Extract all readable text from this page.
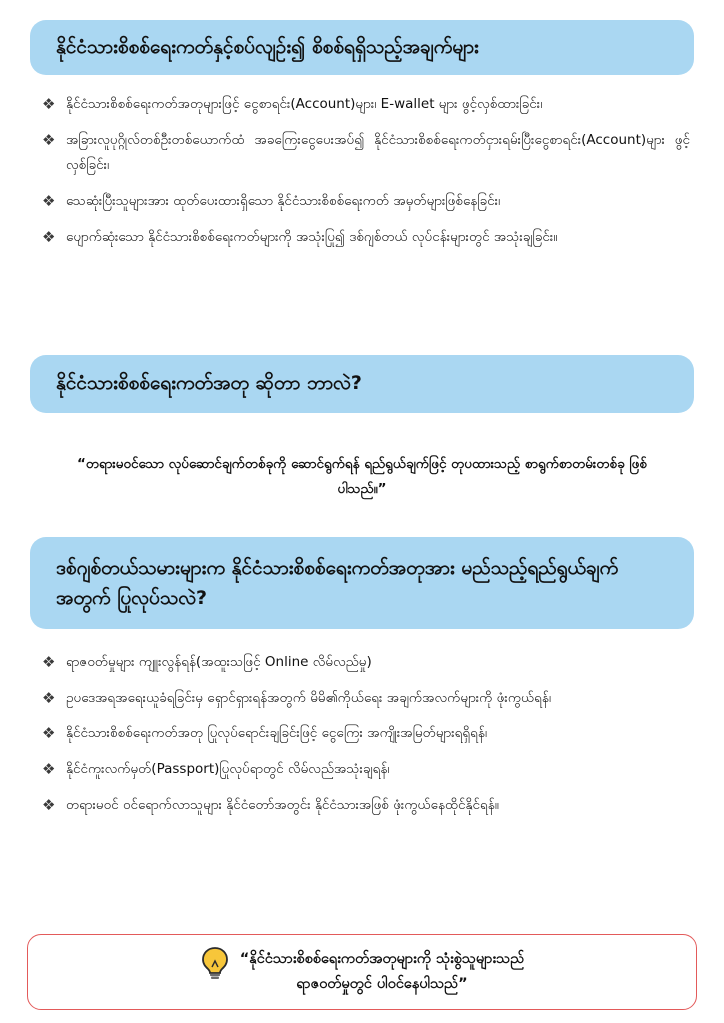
နိုင်ငံသားစိစစ်ရေးကတ်နှင့်စပ်လျဉ်း၍ စိစစ်ရရှိသည့်အချက်များ
❖ နိုင်ငံသားစိစစ်ရေးကတ်အတုများဖြင့် ငွေစာရင်း(Account)များ၊ E-wallet များ ဖွင့်လှစ်ထားခြင်း၊
❖ အခြားလူပုဂ္ဂိုလ်တစ်ဦးတစ်ယောက်ထံ အခကြေးငွေပေးအပ်၍ နိုင်ငံသားစိစစ်ရေးကတ်ငှားရမ်းပြီးငွေစာရင်း(Account)များ ဖွင့်လှစ်ခြင်း၊
❖ သေဆုံးပြီးသူများအား ထုတ်ပေးထားရှိသော နိုင်ငံသားစိစစ်ရေးကတ် အမှတ်များဖြစ်နေခြင်း၊
❖ ပျောက်ဆုံးသော နိုင်ငံသားစိစစ်ရေးကတ်များကို အသုံးပြု၍ ဒစ်ဂျစ်တယ် လုပ်ငန်းများတွင် အသုံးချခြင်း။
နိုင်ငံသားစိစစ်ရေးကတ်အတု ဆိုတာ ဘာလဲ?
“တရားမဝင်သော လုပ်ဆောင်ချက်တစ်ခုကို ဆောင်ရွက်ရန် ရည်ရွယ်ချက်ဖြင့် တုပထားသည့် စာရွက်စာတမ်းတစ်ခု ဖြစ်ပါသည်။”
ဒစ်ဂျစ်တယ်သမားများက နိုင်ငံသားစိစစ်ရေးကတ်အတုအား မည်သည့်ရည်ရွယ်ချက်အတွက် ပြုလုပ်သလဲ?
❖ ရာဇဝတ်မှုများ ကျူးလွန်ရန်(အထူးသဖြင့် Online လိမ်လည်မှု)
❖ ဥပဒေအရအရေးယူခံရခြင်းမှ ရှောင်ရှားရန်အတွက် မိမိ၏ကိုယ်ရေး အချက်အလက်များကို ဖုံးကွယ်ရန်၊
❖ နိုင်ငံသားစိစစ်ရေးကတ်အတု ပြုလုပ်ရောင်းချခြင်းဖြင့် ငွေကြေး အကျိုးအမြတ်များရရှိရန်၊
❖ နိုင်ငံကူးလက်မှတ်(Passport)ပြုလုပ်ရာတွင် လိမ်လည်အသုံးချရန်၊
❖ တရားမဝင် ဝင်ရောက်လာသူများ နိုင်ငံတော်အတွင်း နိုင်ငံသားအဖြစ် ဖုံးကွယ်နေထိုင်နိုင်ရန်။
“နိုင်ငံသားစိစစ်ရေးကတ်အတုများကို သုံးစွဲသူများသည်
ရာဇဝတ်မှုတွင် ပါဝင်နေပါသည်”
